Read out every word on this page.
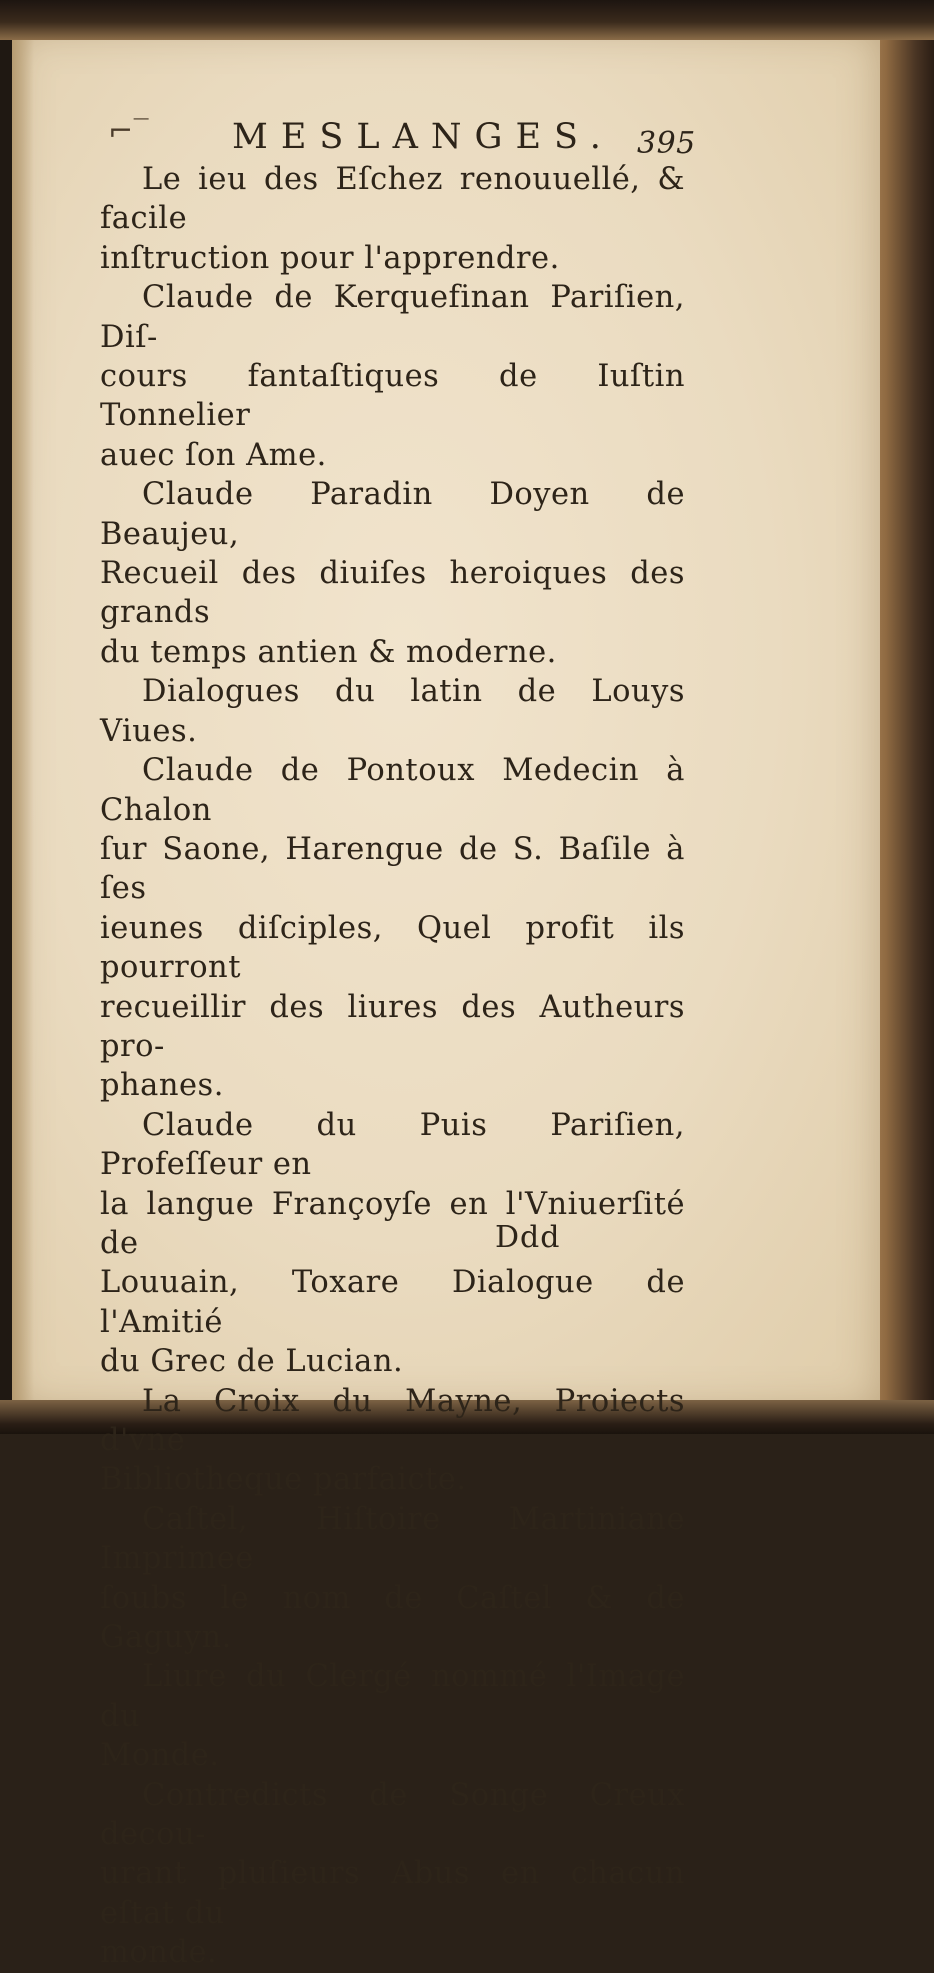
⌐‾ MESLANGES. 395
Le ieu des Eſchez renouuellé, & facile
inſtruction pour l'apprendre.
Claude de Kerquefinan Pariſien, Diſ-
cours fantaſtiques de Iuſtin Tonnelier
auec ſon Ame.
Claude Paradin Doyen de Beaujeu,
Recueil des diuiſes heroiques des grands
du temps antien & moderne.
Dialogues du latin de Louys Viues.
Claude de Pontoux Medecin à Chalon
ſur Saone, Harengue de S. Baſile à ſes
ieunes diſciples, Quel profit ils pourront
recueillir des liures des Autheurs pro-
phanes.
Claude du Puis Pariſien, Profeſſeur en
la langue Françoyſe en l'Vniuerſité de
Louuain, Toxare Dialogue de l'Amitié
du Grec de Lucian.
La Croix du Mayne, Proiects d'vne
Bibliotheque parfaicte.
Caſtel, Hiſtoire Martiniane Imprimee
ſoubs le nom de Caſtel & de Gaguyn.
Liure du Clergé nommé l'Image du
Monde.
Contredicts de Songe Creux decou-
urant pluſieurs Abus en chacun eſtat du
monde.
Ddd
